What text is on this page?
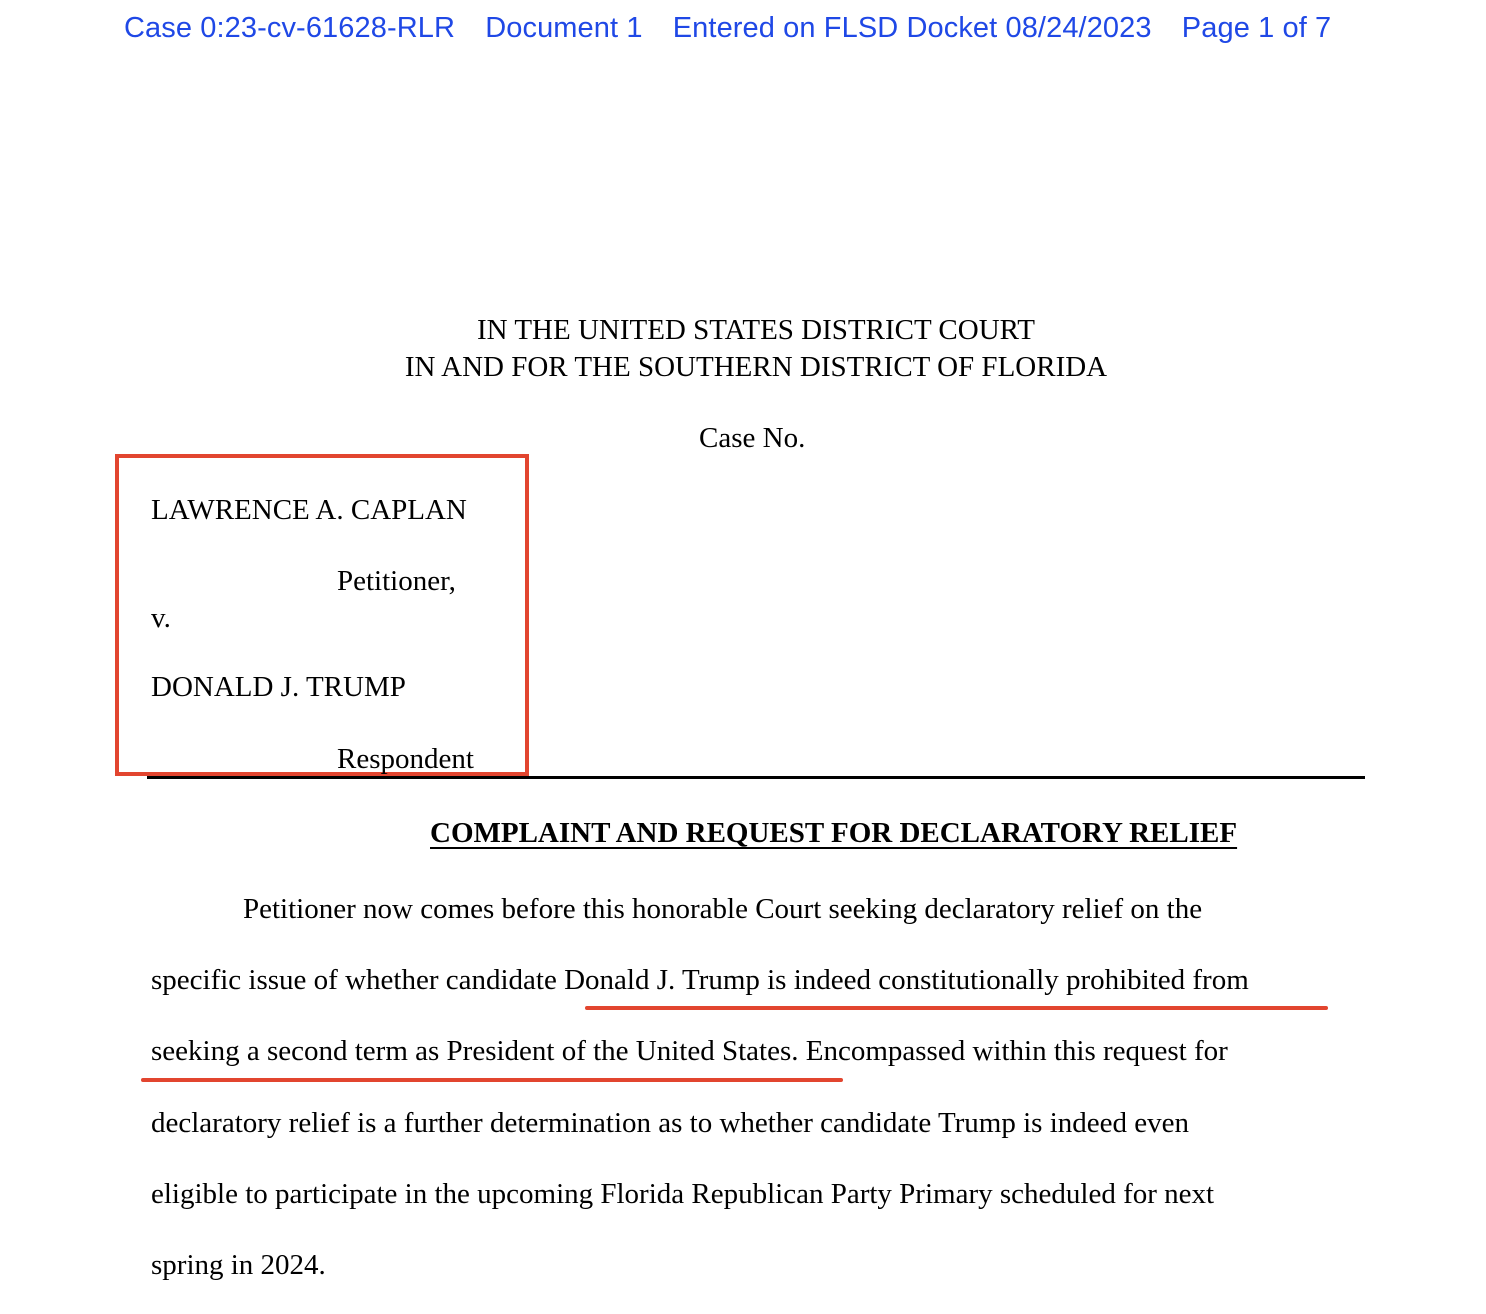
Case 0:23-cv-61628-RLR Document 1 Entered on FLSD Docket 08/24/2023 Page 1 of 7
IN THE UNITED STATES DISTRICT COURT
IN AND FOR THE SOUTHERN DISTRICT OF FLORIDA
Case No.
LAWRENCE A. CAPLAN
Petitioner,
v.
DONALD J. TRUMP
Respondent
COMPLAINT AND REQUEST FOR DECLARATORY RELIEF
Petitioner now comes before this honorable Court seeking declaratory relief on the
specific issue of whether candidate Donald J. Trump is indeed constitutionally prohibited from
seeking a second term as President of the United States. Encompassed within this request for
declaratory relief is a further determination as to whether candidate Trump is indeed even
eligible to participate in the upcoming Florida Republican Party Primary scheduled for next
spring in 2024.
